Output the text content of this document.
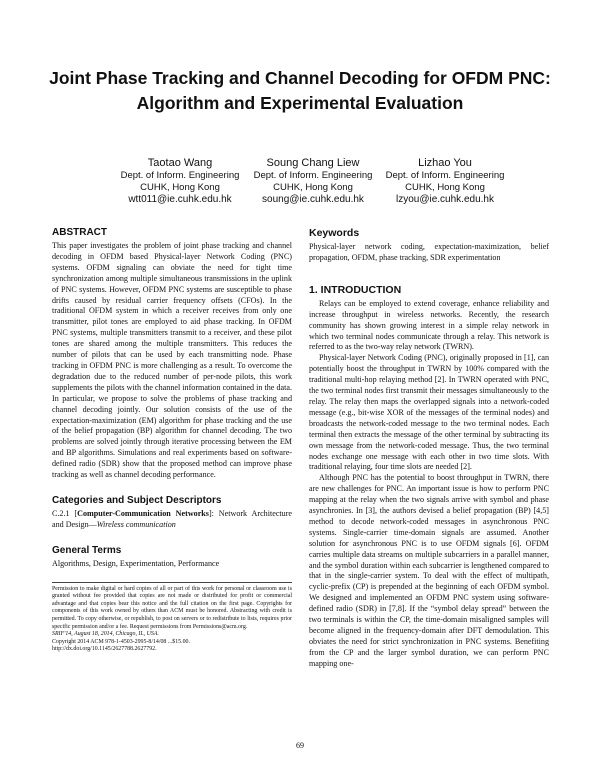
Joint Phase Tracking and Channel Decoding for OFDM PNC: Algorithm and Experimental Evaluation
Taotao Wang
Dept. of Inform. Engineering
CUHK, Hong Kong
wtt011@ie.cuhk.edu.hk
Soung Chang Liew
Dept. of Inform. Engineering
CUHK, Hong Kong
soung@ie.cuhk.edu.hk
Lizhao You
Dept. of Inform. Engineering
CUHK, Hong Kong
lzyou@ie.cuhk.edu.hk
ABSTRACT

This paper investigates the problem of joint phase tracking and channel decoding in OFDM based Physical-layer Network Coding (PNC) systems. OFDM signaling can obviate the need for tight time synchronization among multiple simultaneous transmissions in the uplink of PNC systems. However, OFDM PNC systems are susceptible to phase drifts caused by residual carrier frequency offsets (CFOs). In the traditional OFDM system in which a receiver receives from only one transmitter, pilot tones are employed to aid phase tracking. In OFDM PNC systems, multiple transmitters transmit to a receiver, and these pilot tones are shared among the multiple transmitters. This reduces the number of pilots that can be used by each transmitting node. Phase tracking in OFDM PNC is more challenging as a result. To overcome the degradation due to the reduced number of per-node pilots, this work supplements the pilots with the channel information contained in the data. In particular, we propose to solve the problems of phase tracking and channel decoding jointly. Our solution consists of the use of the expectation-maximization (EM) algorithm for phase tracking and the use of the belief propagation (BP) algorithm for channel decoding. The two problems are solved jointly through iterative processing between the EM and BP algorithms. Simulations and real experiments based on software-defined radio (SDR) show that the proposed method can improve phase tracking as well as channel decoding performance.

Categories and Subject Descriptors

C.2.1 [Computer-Communication Networks]: Network Architecture and Design—Wireless communication

General Terms

Algorithms, Design, Experimentation, Performance

Permission to make digital or hard copies of all or part of this work for personal or classroom use is granted without fee provided that copies are not made or distributed for profit or commercial advantage and that copies bear this notice and the full citation on the first page. Copyrights for components of this work owned by others than ACM must be honored. Abstracting with credit is permitted. To copy otherwise, or republish, to post on servers or to redistribute to lists, requires prior specific permission and/or a fee. Request permissions from Permissions@acm.org.

SRIF'14, August 18, 2014, Chicago, IL, USA.

Copyright 2014 ACM 978-1-4503-2995-8/14/08 ...$15.00.

http://dx.doi.org/10.1145/2627788.2627792.

Keywords

Physical-layer network coding, expectation-maximization, belief propagation, OFDM, phase tracking, SDR experimentation

1. INTRODUCTION

Relays can be employed to extend coverage, enhance reliability and increase throughput in wireless networks. Recently, the research community has shown growing interest in a simple relay network in which two terminal nodes communicate through a relay. This network is referred to as the two-way relay network (TWRN).

Physical-layer Network Coding (PNC), originally proposed in [1], can potentially boost the throughput in TWRN by 100% compared with the traditional multi-hop relaying method [2]. In TWRN operated with PNC, the two terminal nodes first transmit their messages simultaneously to the relay. The relay then maps the overlapped signals into a network-coded message (e.g., bit-wise XOR of the messages of the terminal nodes) and broadcasts the network-coded message to the two terminal nodes. Each terminal then extracts the message of the other terminal by subtracting its own message from the network-coded message. Thus, the two terminal nodes exchange one message with each other in two time slots. With traditional relaying, four time slots are needed [2].

Although PNC has the potential to boost throughput in TWRN, there are new challenges for PNC. An important issue is how to perform PNC mapping at the relay when the two signals arrive with symbol and phase asynchronies. In [3], the authors devised a belief propagation (BP) [4,5] method to decode network-coded messages in asynchronous PNC systems. Single-carrier time-domain signals are assumed. Another solution for asynchronous PNC is to use OFDM signals [6]. OFDM carries multiple data streams on multiple subcarriers in a parallel manner, and the symbol duration within each subcarrier is lengthened compared to that in the single-carrier system. To deal with the effect of multipath, cyclic-prefix (CP) is prepended at the beginning of each OFDM symbol. We designed and implemented an OFDM PNC system using software-defined radio (SDR) in [7,8]. If the “symbol delay spread” between the two terminals is within the CP, the time-domain misaligned samples will become aligned in the frequency-domain after DFT demodulation. This obviates the need for strict synchronization in PNC systems. Benefiting from the CP and the larger symbol duration, we can perform PNC mapping one-

69
